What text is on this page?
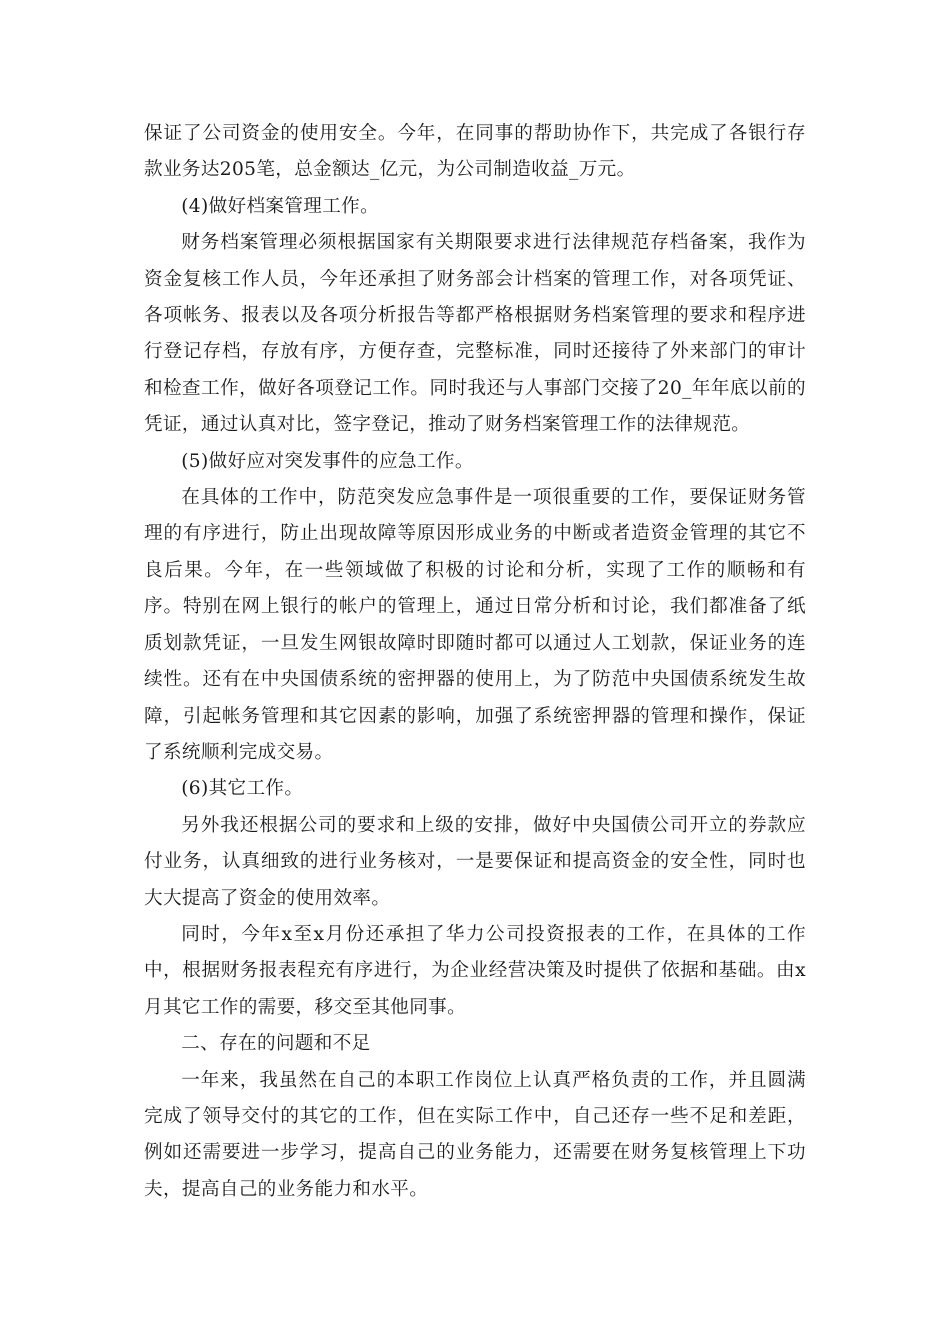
保证了公司资金的使用安全。今年，在同事的帮助协作下，共完成了各银行存款业务达205笔，总金额达_亿元，为公司制造收益_万元。

(4)做好档案管理工作。

财务档案管理必须根据国家有关期限要求进行法律规范存档备案，我作为资金复核工作人员，今年还承担了财务部会计档案的管理工作，对各项凭证、各项帐务、报表以及各项分析报告等都严格根据财务档案管理的要求和程序进行登记存档，存放有序，方便存查，完整标准，同时还接待了外来部门的审计和检查工作，做好各项登记工作。同时我还与人事部门交接了20_年年底以前的凭证，通过认真对比，签字登记，推动了财务档案管理工作的法律规范。

(5)做好应对突发事件的应急工作。

在具体的工作中，防范突发应急事件是一项很重要的工作，要保证财务管理的有序进行，防止出现故障等原因形成业务的中断或者造资金管理的其它不良后果。今年，在一些领域做了积极的讨论和分析，实现了工作的顺畅和有序。特别在网上银行的帐户的管理上，通过日常分析和讨论，我们都准备了纸质划款凭证，一旦发生网银故障时即随时都可以通过人工划款，保证业务的连续性。还有在中央国债系统的密押器的使用上，为了防范中央国债系统发生故障，引起帐务管理和其它因素的影响，加强了系统密押器的管理和操作，保证了系统顺利完成交易。

(6)其它工作。

另外我还根据公司的要求和上级的安排，做好中央国债公司开立的券款应付业务，认真细致的进行业务核对，一是要保证和提高资金的安全性，同时也大大提高了资金的使用效率。

同时，今年x至x月份还承担了华力公司投资报表的工作，在具体的工作中，根据财务报表程充有序进行，为企业经营决策及时提供了依据和基础。由x月其它工作的需要，移交至其他同事。

二、存在的问题和不足

一年来，我虽然在自己的本职工作岗位上认真严格负责的工作，并且圆满完成了领导交付的其它的工作，但在实际工作中，自己还存一些不足和差距，例如还需要进一步学习，提高自己的业务能力，还需要在财务复核管理上下功夫，提高自己的业务能力和水平。
